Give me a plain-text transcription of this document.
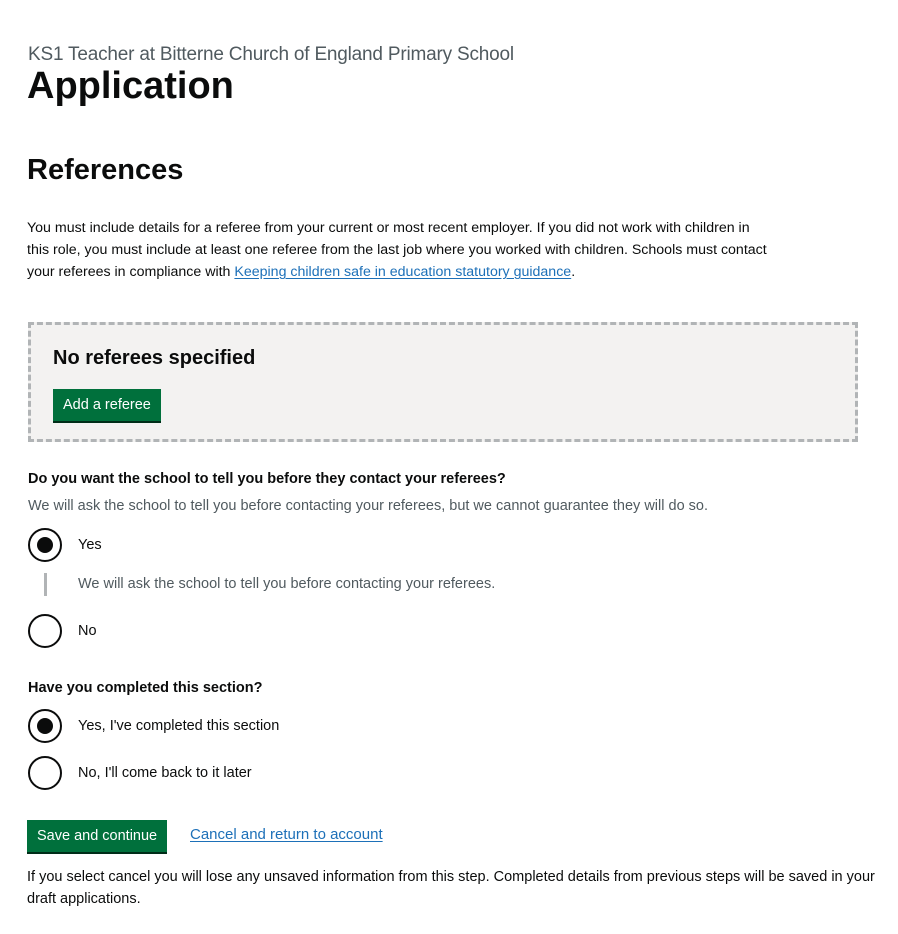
KS1 Teacher at Bitterne Church of England Primary School
Application
References
You must include details for a referee from your current or most recent employer. If you did not work with children in this role, you must include at least one referee from the last job where you worked with children. Schools must contact your referees in compliance with Keeping children safe in education statutory guidance.
No referees specified
Add a referee
Do you want the school to tell you before they contact your referees?
We will ask the school to tell you before contacting your referees, but we cannot guarantee they will do so.
Yes
We will ask the school to tell you before contacting your referees.
No
Have you completed this section?
Yes, I've completed this section
No, I'll come back to it later
Save and continue	Cancel and return to account
If you select cancel you will lose any unsaved information from this step. Completed details from previous steps will be saved in your draft applications.
